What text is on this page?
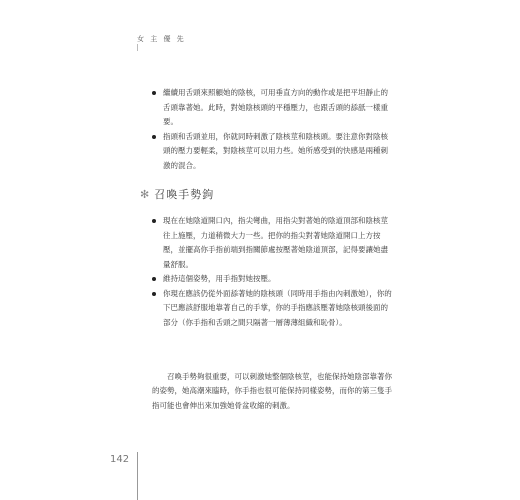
女 主 優 先

繼續用舌頭來照顧她的陰核，可用垂直方向的動作或是把平坦靜止的舌頭靠著她。此時，對她陰核頭的平穩壓力，也跟舌頭的舔舐一樣重要。

指頭和舌頭並用，你就同時刺激了陰核莖和陰核頭。要注意你對陰核頭的壓力要輕柔，對陰核莖可以用力些。她所感受到的快感是兩種刺激的混合。

✻ 召喚手勢鉤

現在在她陰道開口內，指尖彎曲，用指尖對著她的陰道頂部和陰核莖往上施壓，力道稍微大力一些。把你的指尖對著她陰道開口上方按壓，並擺高你手指前端到指關節處按壓著她陰道頂部，記得要讓她盡量舒服。

維持這個姿勢，用手指對她按壓。

你現在應該仍從外面舔著她的陰核頭（同時用手指由內刺激她），你的下巴應該舒服地靠著自己的手掌，你的手指應該壓著她陰核頭後面的部分（你手指和舌頭之間只隔著一層薄薄組織和恥骨）。

召喚手勢夠很重要，可以刺激她整個陰核莖，也能保持她陰部靠著你的姿勢，她高潮來臨時，你手指也很可能保持同樣姿勢，而你的第三隻手指可能也會伸出來加強她骨盆收縮的刺激。

142
